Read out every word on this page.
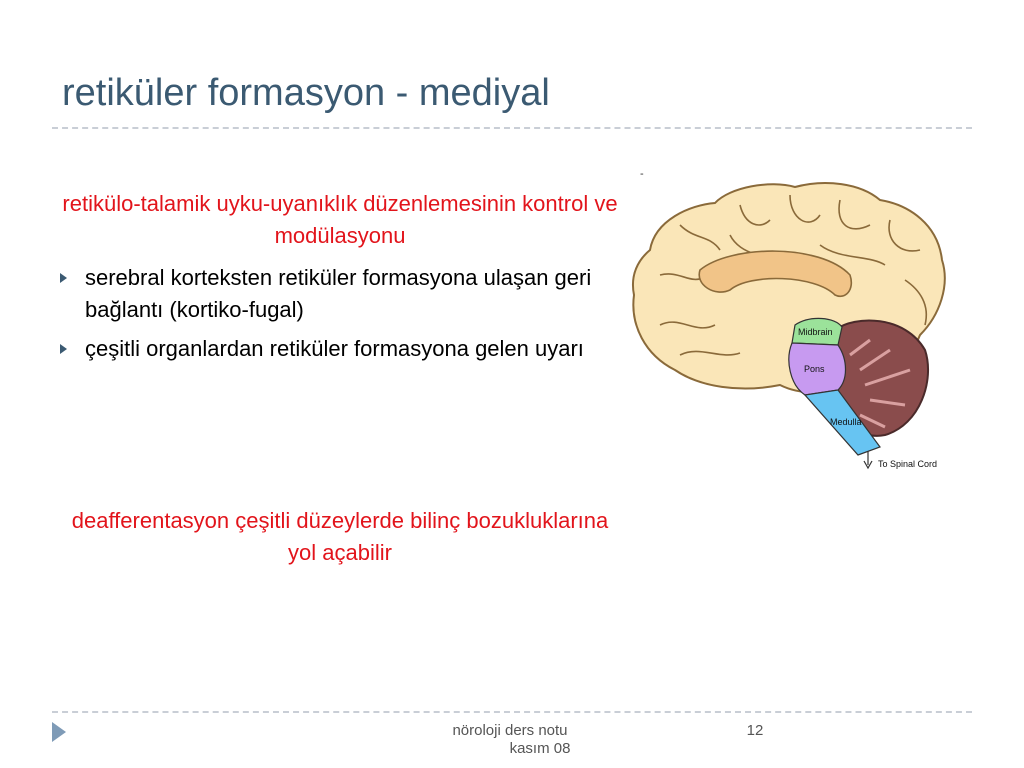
retiküler formasyon - mediyal
retikülo-talamik uyku-uyanıklık düzenlemesinin kontrol ve modülasyonu
serebral korteksten retiküler formasyona ulaşan geri bağlantı (kortiko-fugal)
çeşitli organlardan retiküler formasyona gelen uyarı
deafferentasyon çeşitli düzeylerde bilinç bozukluklarına yol açabilir
-
Midbrain
Pons
Medulla
To Spinal Cord
nöroloji ders notu
kasım 08
12
